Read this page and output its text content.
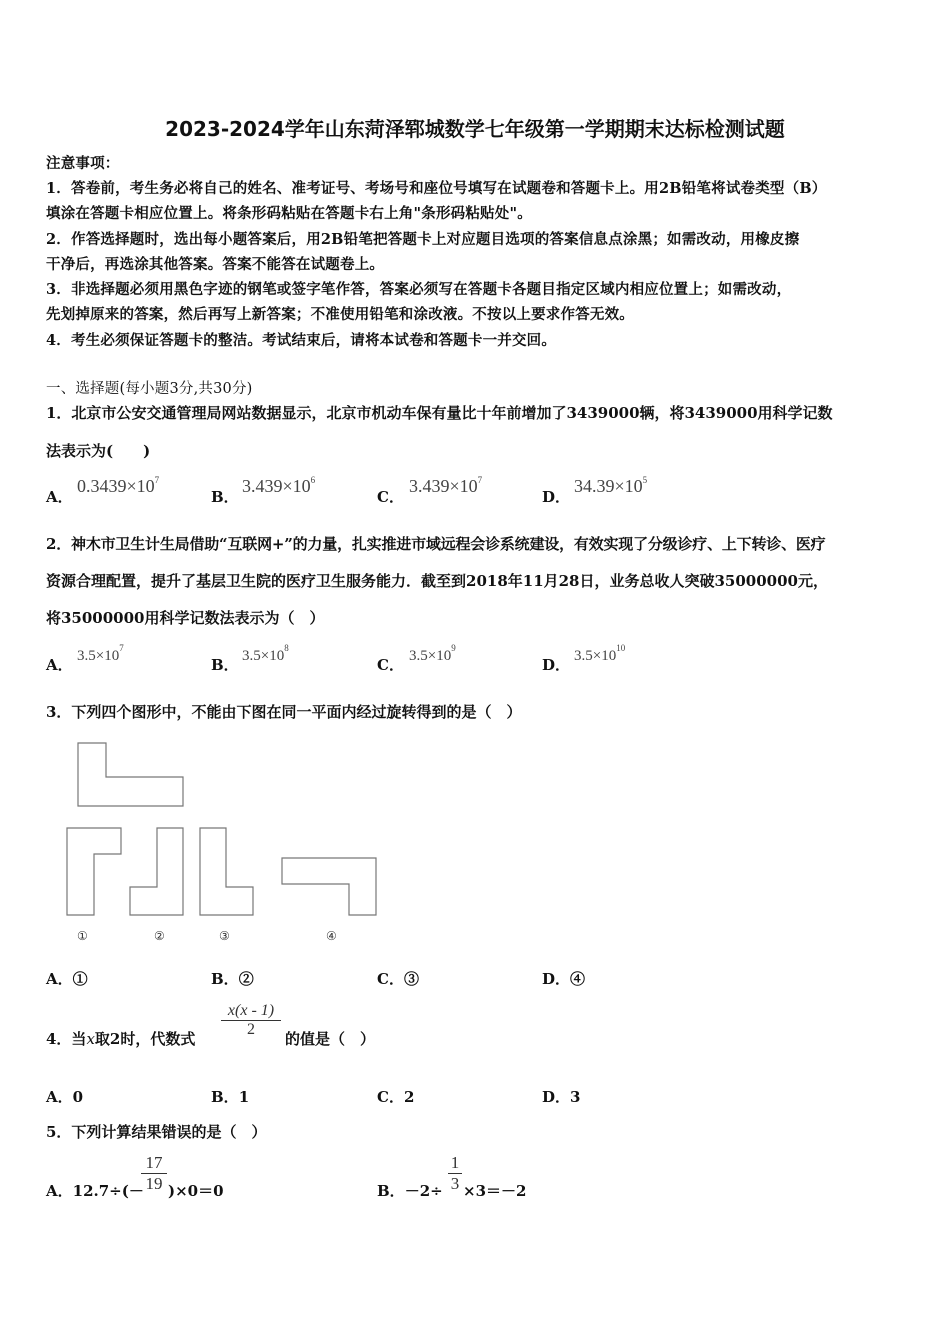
2023-2024学年山东菏泽郓城数学七年级第一学期期末达标检测试题
注意事项：
1．答卷前，考生务必将自己的姓名、准考证号、考场号和座位号填写在试题卷和答题卡上。用2B铅笔将试卷类型（B）
填涂在答题卡相应位置上。将条形码粘贴在答题卡右上角"条形码粘贴处"。
2．作答选择题时，选出每小题答案后，用2B铅笔把答题卡上对应题目选项的答案信息点涂黑；如需改动，用橡皮擦
干净后，再选涂其他答案。答案不能答在试题卷上。
3．非选择题必须用黑色字迹的钢笔或签字笔作答，答案必须写在答题卡各题目指定区域内相应位置上；如需改动，
先划掉原来的答案，然后再写上新答案；不准使用铅笔和涂改液。不按以上要求作答无效。
4．考生必须保证答题卡的整洁。考试结束后，请将本试卷和答题卡一并交回。
一、选择题(每小题3分,共30分)
1．北京市公安交通管理局网站数据显示，北京市机动车保有量比十年前增加了3439000辆，将3439000用科学记数
法表示为(　　)
A．
$0.3439\times 10^7$
B．
$3.439\times 10^6$
C．
$3.439\times 10^7$
D．
$34.39\times 10^5$
2．神木市卫生计生局借助“互联网+”的力量，扎实推进市域远程会诊系统建设，有效实现了分级诊疗、上下转诊、医疗
资源合理配置，提升了基层卫生院的医疗卫生服务能力．截至到2018年11月28日，业务总收人突破35000000元，
将35000000用科学记数法表示为（　）
A． $3.5\times 10^7$
B． $3.5\times 10^8$
C． $3.5\times 10^9$
D． $3.5\times 10^{10}$
3．下列四个图形中，不能由下图在同一平面内经过旋转得到的是（　）
①	②	③	④
A．①	B．②	C．③	D．④
4．当x取2时，代数式
x(x - 1)
2
的值是（　）
A．0	B．1	C．2	D．3
5．下列计算结果错误的是（　）
A．12.7÷(－
17
19 )×0＝0	B．－2÷
1
3 ×3＝－2
